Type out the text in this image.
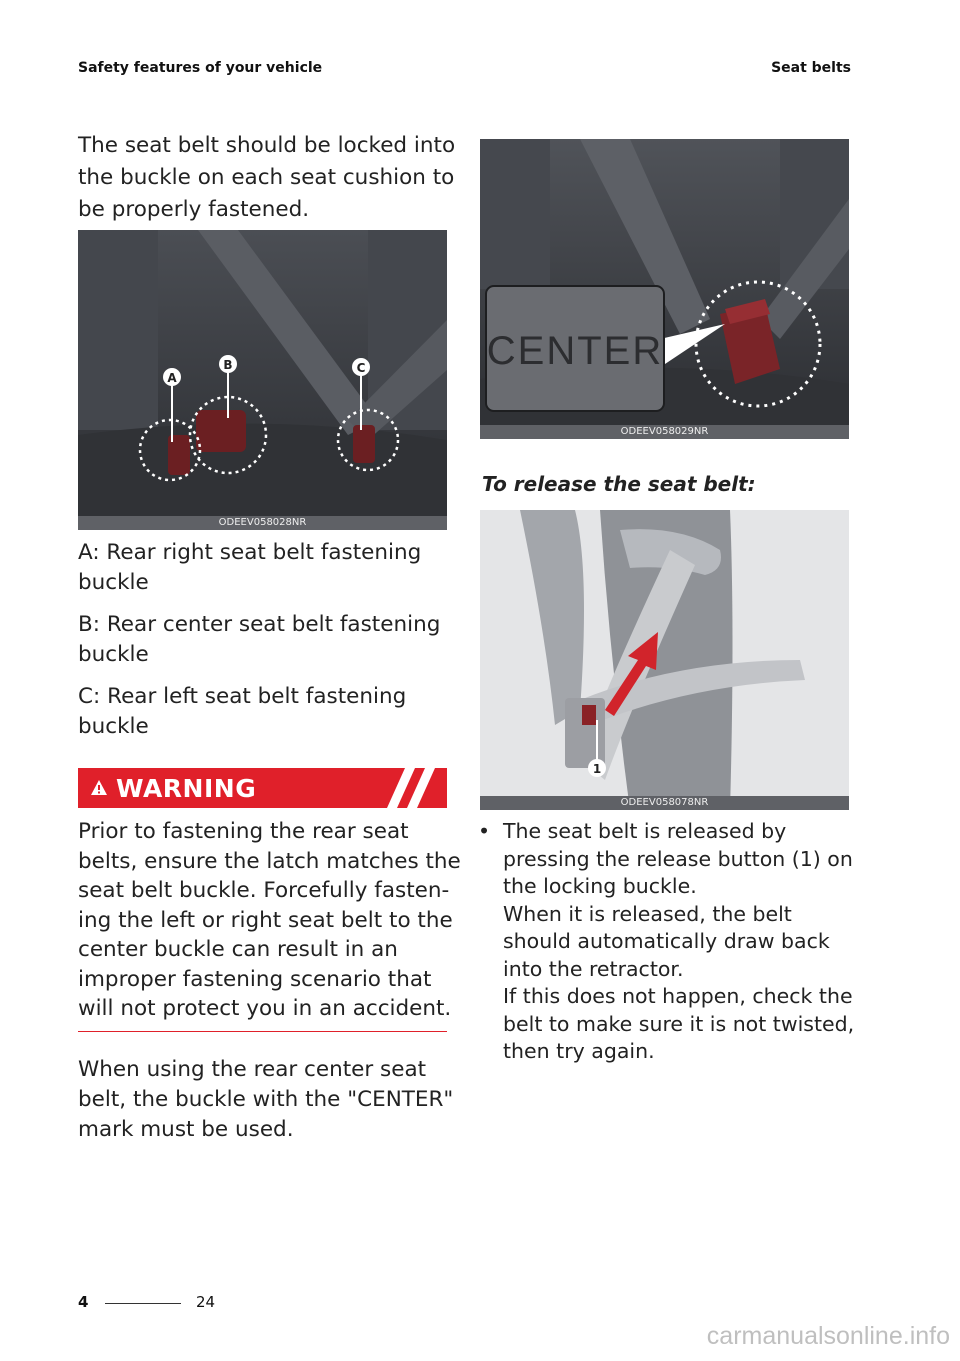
Safety features of your vehicle	Seat belts
The seat belt should be locked into
the buckle on each seat cushion to
be properly fastened.
A
B	C
ODEEV058028NR
A: Rear right seat belt fastening
buckle
B: Rear center seat belt fastening
buckle
C: Rear left seat belt fastening
buckle
WARNING
Prior to fastening the rear seat
belts, ensure the latch matches the
seat belt buckle. Forcefully fasten-
ing the left or right seat belt to the
center buckle can result in an
improper fastening scenario that
will not protect you in an accident.
When using the rear center seat
belt, the buckle with the "CENTER"
mark must be used.
CENTER
ODEEV058029NR
To release the seat belt:
1
ODEEV058078NR
• The seat belt is released by
pressing the release button (1) on
the locking buckle.
When it is released, the belt
should automatically draw back
into the retractor.
If this does not happen, check the
belt to make sure it is not twisted,
then try again.
4	24
carmanualsonline.info
